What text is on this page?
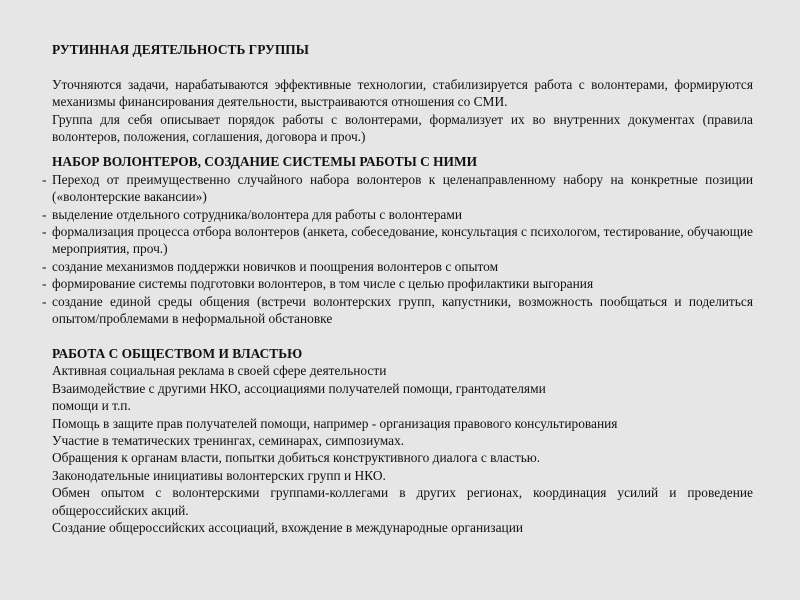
РУТИННАЯ ДЕЯТЕЛЬНОСТЬ ГРУППЫ

Уточняются задачи, нарабатываются эффективные технологии, стабилизируется работа с волонтерами, формируются механизмы финансирования деятельности, выстраиваются отношения со СМИ.

Группа для себя описывает порядок работы с волонтерами, формализует их во внутренних документах (правила волонтеров, положения, соглашения, договора и проч.)

НАБОР ВОЛОНТЕРОВ, СОЗДАНИЕ СИСТЕМЫ РАБОТЫ С НИМИ

- Переход от преимущественно случайного набора волонтеров к целенаправленному набору на конкретные позиции («волонтерские вакансии»)

- выделение отдельного сотрудника/волонтера для работы с волонтерами

- формализация процесса отбора волонтеров (анкета, собеседование, консультация с психологом, тестирование, обучающие мероприятия, проч.)

- создание механизмов поддержки новичков и поощрения волонтеров с опытом

- формирование системы подготовки волонтеров, в том числе с целью профилактики выгорания

- создание единой среды общения (встречи волонтерских групп, капустники, возможность пообщаться и поделиться опытом/проблемами в неформальной обстановке

РАБОТА С ОБЩЕСТВОМ И ВЛАСТЬЮ

Активная социальная реклама в своей сфере деятельности

Взаимодействие с другими НКО, ассоциациями получателей помощи, грантодателями

помощи и т.п.

Помощь в защите прав получателей помощи, например - организация правового консультирования

Участие в тематических тренингах, семинарах, симпозиумах.

Обращения к органам власти, попытки добиться конструктивного диалога с властью.

Законодательные инициативы волонтерских групп и НКО.

Обмен опытом с волонтерскими группами-коллегами в других регионах, координация усилий и проведение общероссийских акций.

Создание общероссийских ассоциаций, вхождение в международные организации
